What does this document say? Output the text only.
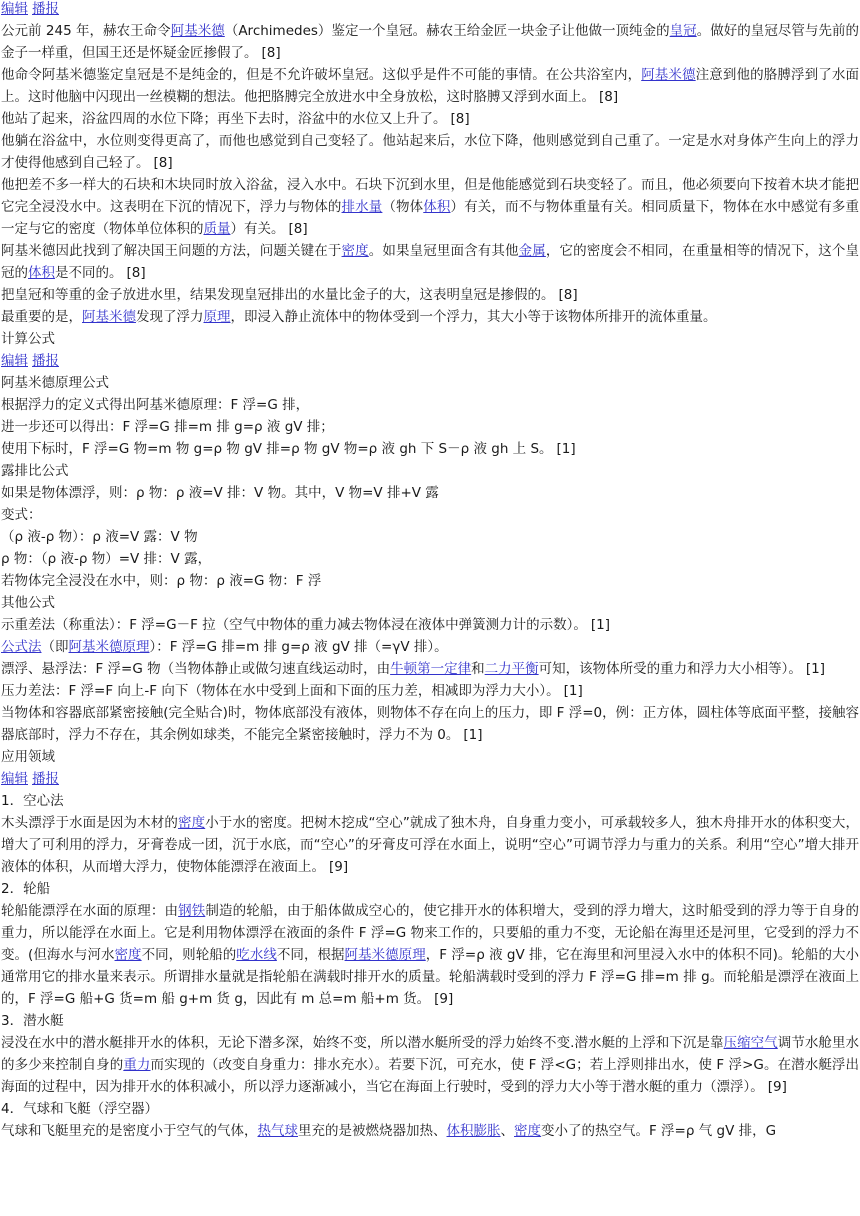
编辑 播报
公元前 245 年，赫农王命令阿基米德（Archimedes）鉴定一个皇冠。赫农王给金匠一块金子让他做一顶纯金的皇冠。做好的皇冠尽管与先前的金子一样重，但国王还是怀疑金匠掺假了。 [8]
他命令阿基米德鉴定皇冠是不是纯金的，但是不允许破坏皇冠。这似乎是件不可能的事情。在公共浴室内，阿基米德注意到他的胳膊浮到了水面上。这时他脑中闪现出一丝模糊的想法。他把胳膊完全放进水中全身放松，这时胳膊又浮到水面上。 [8]
他站了起来，浴盆四周的水位下降；再坐下去时，浴盆中的水位又上升了。 [8]
他躺在浴盆中，水位则变得更高了，而他也感觉到自己变轻了。他站起来后，水位下降，他则感觉到自己重了。一定是水对身体产生向上的浮力才使得他感到自己轻了。 [8]
他把差不多一样大的石块和木块同时放入浴盆，浸入水中。石块下沉到水里，但是他能感觉到石块变轻了。而且，他必须要向下按着木块才能把它完全浸没水中。这表明在下沉的情况下，浮力与物体的排水量（物体体积）有关，而不与物体重量有关。相同质量下，物体在水中感觉有多重一定与它的密度（物体单位体积的质量）有关。 [8]
阿基米德因此找到了解决国王问题的方法，问题关键在于密度。如果皇冠里面含有其他金属，它的密度会不相同，在重量相等的情况下，这个皇冠的体积是不同的。 [8]
把皇冠和等重的金子放进水里，结果发现皇冠排出的水量比金子的大，这表明皇冠是掺假的。 [8]
最重要的是，阿基米德发现了浮力原理，即浸入静止流体中的物体受到一个浮力，其大小等于该物体所排开的流体重量。
计算公式
编辑 播报
阿基米德原理公式
根据浮力的定义式得出阿基米德原理：F 浮=G 排，
进一步还可以得出：F 浮=G 排=m 排 g=ρ 液 gV 排；
使用下标时，F 浮=G 物=m 物 g=ρ 物 gV 排=ρ 物 gV 物=ρ 液 gh 下 S－ρ 液 gh 上 S。 [1]
露排比公式
如果是物体漂浮，则：ρ 物：ρ 液=V 排：V 物。其中，V 物=V 排+V 露
变式：
（ρ 液-ρ 物）：ρ 液=V 露：V 物
ρ 物：（ρ 液-ρ 物）=V 排：V 露，
若物体完全浸没在水中，则：ρ 物：ρ 液=G 物：F 浮
其他公式
示重差法（称重法）：F 浮=G－F 拉（空气中物体的重力减去物体浸在液体中弹簧测力计的示数）。 [1]
公式法（即阿基米德原理）：F 浮=G 排=m 排 g=ρ 液 gV 排（=γV 排）。
漂浮、悬浮法：F 浮=G 物（当物体静止或做匀速直线运动时，由牛顿第一定律和二力平衡可知，该物体所受的重力和浮力大小相等）。 [1]
压力差法：F 浮=F 向上-F 向下（物体在水中受到上面和下面的压力差，相减即为浮力大小）。 [1]
当物体和容器底部紧密接触(完全贴合)时，物体底部没有液体，则物体不存在向上的压力，即 F 浮=0，例：正方体，圆柱体等底面平整，接触容器底部时，浮力不存在，其余例如球类，不能完全紧密接触时，浮力不为 0。 [1]
应用领域
编辑 播报
1．空心法
木头漂浮于水面是因为木材的密度小于水的密度。把树木挖成“空心”就成了独木舟，自身重力变小，可承载较多人，独木舟排开水的体积变大，增大了可利用的浮力，牙膏卷成一团，沉于水底，而“空心”的牙膏皮可浮在水面上，说明“空心”可调节浮力与重力的关系。利用“空心”增大排开液体的体积，从而增大浮力，使物体能漂浮在液面上。 [9]
2．轮船
轮船能漂浮在水面的原理：由钢铁制造的轮船，由于船体做成空心的，使它排开水的体积增大，受到的浮力增大，这时船受到的浮力等于自身的重力，所以能浮在水面上。它是利用物体漂浮在液面的条件 F 浮=G 物来工作的，只要船的重力不变，无论船在海里还是河里，它受到的浮力不变。(但海水与河水密度不同，则轮船的吃水线不同，根据阿基米德原理，F 浮=ρ 液 gV 排，它在海里和河里浸入水中的体积不同)。轮船的大小通常用它的排水量来表示。所谓排水量就是指轮船在满载时排开水的质量。轮船满载时受到的浮力 F 浮=G 排=m 排 g。而轮船是漂浮在液面上的，F 浮=G 船+G 货=m 船 g+m 货 g，因此有 m 总=m 船+m 货。 [9]
3．潜水艇
浸没在水中的潜水艇排开水的体积，无论下潜多深，始终不变，所以潜水艇所受的浮力始终不变.潜水艇的上浮和下沉是靠压缩空气调节水舱里水的多少来控制自身的重力而实现的（改变自身重力：排水充水）。若要下沉，可充水，使 F 浮<G；若上浮则排出水，使 F 浮>G。在潜水艇浮出海面的过程中，因为排开水的体积减小，所以浮力逐渐减小，当它在海面上行驶时，受到的浮力大小等于潜水艇的重力（漂浮）。 [9]
4．气球和飞艇（浮空器）
气球和飞艇里充的是密度小于空气的气体，热气球里充的是被燃烧器加热、体积膨胀、密度变小了的热空气。F 浮=ρ 气 gV 排，G
